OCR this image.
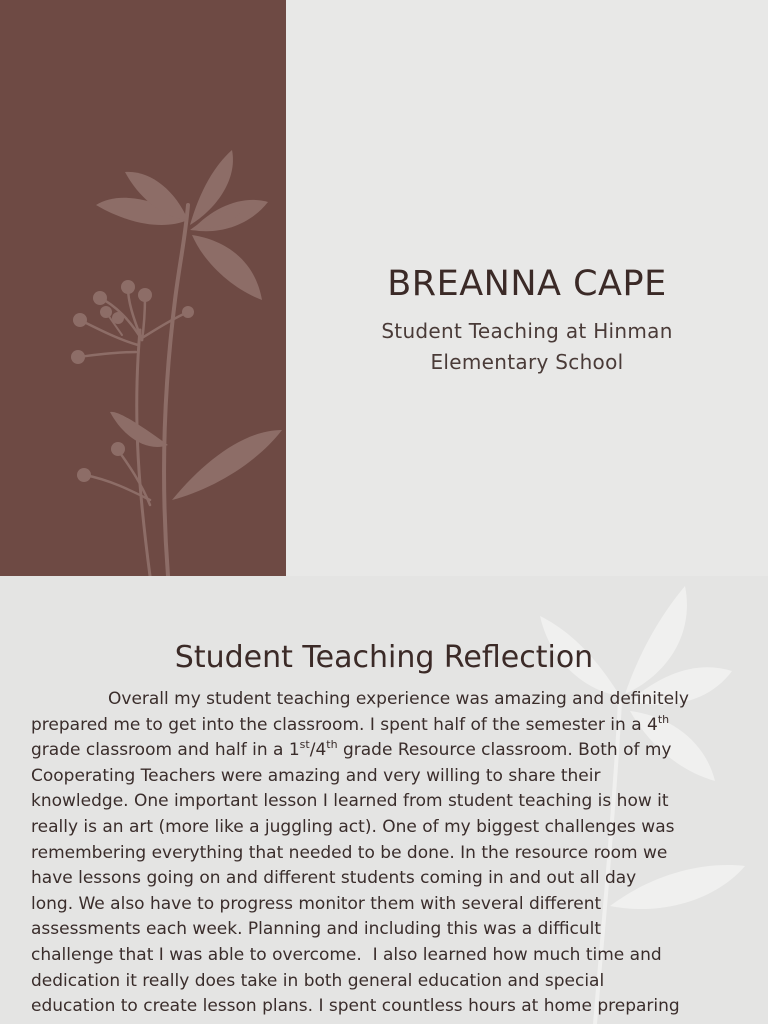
BREANNA CAPE
Student Teaching at Hinman
Elementary School
Student Teaching Reflection
Overall my student teaching experience was amazing and definitely
prepared me to get into the classroom. I spent half of the semester in a 4th
grade classroom and half in a 1st/4th grade Resource classroom. Both of my
Cooperating Teachers were amazing and very willing to share their
knowledge. One important lesson I learned from student teaching is how it
really is an art (more like a juggling act). One of my biggest challenges was
remembering everything that needed to be done. In the resource room we
have lessons going on and different students coming in and out all day
long. We also have to progress monitor them with several different
assessments each week. Planning and including this was a difficult
challenge that I was able to overcome.  I also learned how much time and
dedication it really does take in both general education and special
education to create lesson plans. I spent countless hours at home preparing
